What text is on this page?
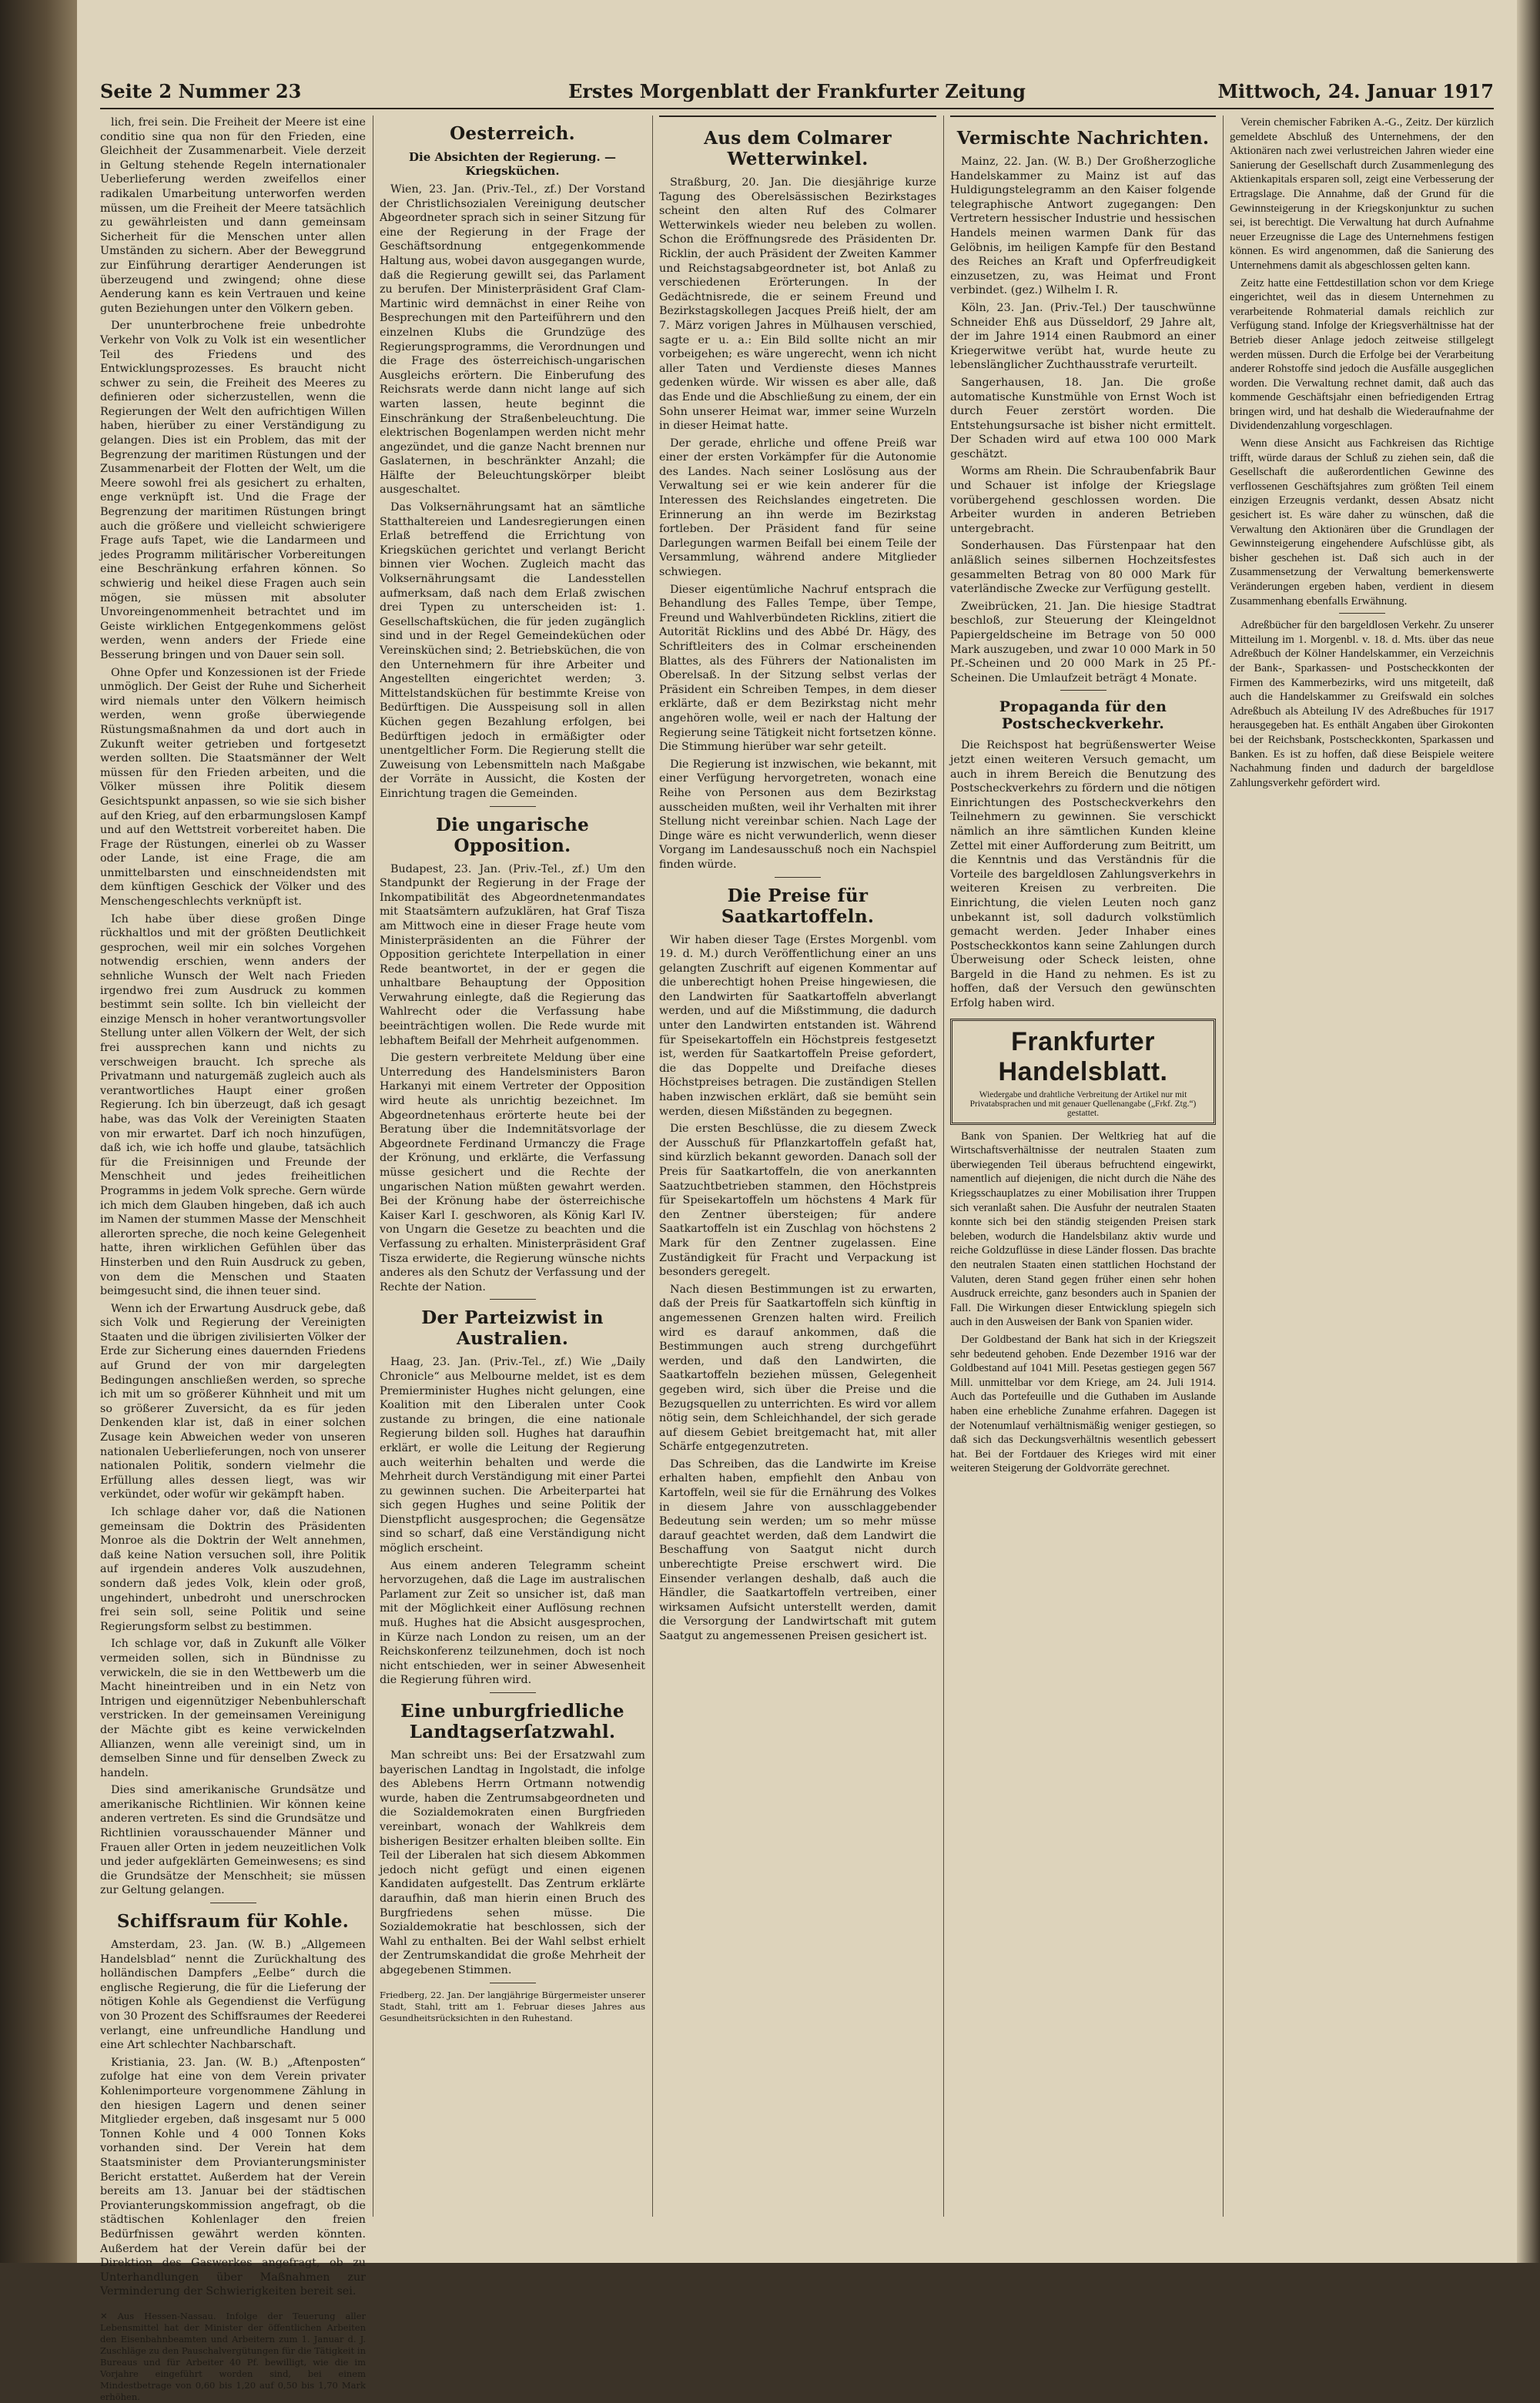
Seite 2 Nummer 23	Erstes Morgenblatt der Frankfurter Zeitung	Mittwoch, 24. Januar 1917

lich, frei sein. Die Freiheit der Meere ist eine conditio sine qua non für den Frieden, eine Gleichheit der Zusammenarbeit. Viele derzeit in Geltung stehende Regeln internationaler Ueberlieferung werden zweifellos einer radikalen Umarbeitung unterworfen werden müssen, um die Freiheit der Meere tatsächlich zu gewährleisten und dann gemeinsam Sicherheit für die Menschen unter allen Umständen zu sichern. Aber der Beweggrund zur Einführung derartiger Aenderungen ist überzeugend und zwingend; ohne diese Aenderung kann es kein Vertrauen und keine guten Beziehungen unter den Völkern geben.

Der ununterbrochene freie unbedrohte Verkehr von Volk zu Volk ist ein wesentlicher Teil des Friedens und des Entwicklungsprozesses. Es braucht nicht schwer zu sein, die Freiheit des Meeres zu definieren oder sicherzustellen, wenn die Regierungen der Welt den aufrichtigen Willen haben, hierüber zu einer Verständigung zu gelangen. Dies ist ein Problem, das mit der Begrenzung der maritimen Rüstungen und der Zusammenarbeit der Flotten der Welt, um die Meere sowohl frei als gesichert zu erhalten, enge verknüpft ist. Und die Frage der Begrenzung der maritimen Rüstungen bringt auch die größere und vielleicht schwierigere Frage aufs Tapet, wie die Landarmeen und jedes Programm militärischer Vorbereitungen eine Beschränkung erfahren können. So schwierig und heikel diese Fragen auch sein mögen, sie müssen mit absoluter Unvoreingenommenheit betrachtet und im Geiste wirklichen Entgegenkommens gelöst werden, wenn anders der Friede eine Besserung bringen und von Dauer sein soll.

Ohne Opfer und Konzessionen ist der Friede unmöglich. Der Geist der Ruhe und Sicherheit wird niemals unter den Völkern heimisch werden, wenn große überwiegende Rüstungsmaßnahmen da und dort auch in Zukunft weiter getrieben und fortgesetzt werden sollten. Die Staatsmänner der Welt müssen für den Frieden arbeiten, und die Völker müssen ihre Politik diesem Gesichtspunkt anpassen, so wie sie sich bisher auf den Krieg, auf den erbarmungslosen Kampf und auf den Wettstreit vorbereitet haben. Die Frage der Rüstungen, einerlei ob zu Wasser oder Lande, ist eine Frage, die am unmittelbarsten und einschneidendsten mit dem künftigen Geschick der Völker und des Menschengeschlechts verknüpft ist.

Ich habe über diese großen Dinge rückhaltlos und mit der größten Deutlichkeit gesprochen, weil mir ein solches Vorgehen notwendig erschien, wenn anders der sehnliche Wunsch der Welt nach Frieden irgendwo frei zum Ausdruck zu kommen bestimmt sein sollte. Ich bin vielleicht der einzige Mensch in hoher verantwortungsvoller Stellung unter allen Völkern der Welt, der sich frei aussprechen kann und nichts zu verschweigen braucht. Ich spreche als Privatmann und naturgemäß zugleich auch als verantwortliches Haupt einer großen Regierung. Ich bin überzeugt, daß ich gesagt habe, was das Volk der Vereinigten Staaten von mir erwartet. Darf ich noch hinzufügen, daß ich, wie ich hoffe und glaube, tatsächlich für die Freisinnigen und Freunde der Menschheit und jedes freiheitlichen Programms in jedem Volk spreche. Gern würde ich mich dem Glauben hingeben, daß ich auch im Namen der stummen Masse der Menschheit allerorten spreche, die noch keine Gelegenheit hatte, ihren wirklichen Gefühlen über das Hinsterben und den Ruin Ausdruck zu geben, von dem die Menschen und Staaten beimgesucht sind, die ihnen teuer sind.

Wenn ich der Erwartung Ausdruck gebe, daß sich Volk und Regierung der Vereinigten Staaten und die übrigen zivilisierten Völker der Erde zur Sicherung eines dauernden Friedens auf Grund der von mir dargelegten Bedingungen anschließen werden, so spreche ich mit um so größerer Kühnheit und mit um so größerer Zuversicht, da es für jeden Denkenden klar ist, daß in einer solchen Zusage kein Abweichen weder von unseren nationalen Ueberlieferungen, noch von unserer nationalen Politik, sondern vielmehr die Erfüllung alles dessen liegt, was wir verkündet, oder wofür wir gekämpft haben.

Ich schlage daher vor, daß die Nationen gemeinsam die Doktrin des Präsidenten Monroe als die Doktrin der Welt annehmen, daß keine Nation versuchen soll, ihre Politik auf irgendein anderes Volk auszudehnen, sondern daß jedes Volk, klein oder groß, ungehindert, unbedroht und unerschrocken frei sein soll, seine Politik und seine Regierungsform selbst zu bestimmen.

Ich schlage vor, daß in Zukunft alle Völker vermeiden sollen, sich in Bündnisse zu verwickeln, die sie in den Wettbewerb um die Macht hineintreiben und in ein Netz von Intrigen und eigennütziger Nebenbuhlerschaft verstricken. In der gemeinsamen Vereinigung der Mächte gibt es keine verwickelnden Allianzen, wenn alle vereinigt sind, um in demselben Sinne und für denselben Zweck zu handeln.

Dies sind amerikanische Grundsätze und amerikanische Richtlinien. Wir können keine anderen vertreten. Es sind die Grundsätze und Richtlinien vorausschauender Männer und Frauen aller Orten in jedem neuzeitlichen Volk und jeder aufgeklärten Gemeinwesens; es sind die Grundsätze der Menschheit; sie müssen zur Geltung gelangen.

Schiffsraum für Kohle.

Amsterdam, 23. Jan. (W. B.) „Allgemeen Handelsblad“ nennt die Zurückhaltung des holländischen Dampfers „Eelbe“ durch die englische Regierung, die für die Lieferung der nötigen Kohle als Gegendienst die Verfügung von 30 Prozent des Schiffsraumes der Reederei verlangt, eine unfreundliche Handlung und eine Art schlechter Nachbarschaft.

Kristiania, 23. Jan. (W. B.) „Aftenposten“ zufolge hat eine von dem Verein privater Kohlenimporteure vorgenommene Zählung in den hiesigen Lagern und denen seiner Mitglieder ergeben, daß insgesamt nur 5 000 Tonnen Kohle und 4 000 Tonnen Koks vorhanden sind. Der Verein hat dem Staatsminister dem Provianterungsminister Bericht erstattet. Außerdem hat der Verein bereits am 13. Januar bei der städtischen Provianterungskommission angefragt, ob die städtischen Kohlenlager den freien Bedürfnissen gewährt werden könnten. Außerdem hat der Verein dafür bei der Direktion des Gaswerkes angefragt, ob zu Unterhandlungen über Maßnahmen zur Verminderung der Schwierigkeiten bereit sei.

✕ Aus Hessen-Nassau. Infolge der Teuerung aller Lebensmittel hat der Minister der öffentlichen Arbeiten den Eisenbahnbeamten und Arbeitern zum 1. Januar d. J. Zuschläge zu den Pauschalvergütungen für die Tätigkeit in Bureaus und für Arbeiter 40 Pf. bewilligt, wie die im Vorjahre eingeführt worden sind, bei einem Mindestbetrage von 0,60 bis 1,20 auf 0,50 bis 1,70 Mark erhöhen.

Oesterreich.
Die Absichten der Regierung. — Kriegsküchen.

Wien, 23. Jan. (Priv.-Tel., zf.) Der Vorstand der Christlichsozialen Vereinigung deutscher Abgeordneter sprach sich in seiner Sitzung für eine der Regierung in der Frage der Geschäftsordnung entgegenkommende Haltung aus, wobei davon ausgegangen wurde, daß die Regierung gewillt sei, das Parlament zu berufen. Der Ministerpräsident Graf Clam-Martinic wird demnächst in einer Reihe von Besprechungen mit den Parteiführern und den einzelnen Klubs die Grundzüge des Regierungsprogramms, die Verordnungen und die Frage des österreichisch-ungarischen Ausgleichs erörtern. Die Einberufung des Reichsrats werde dann nicht lange auf sich warten lassen, heute beginnt die Einschränkung der Straßenbeleuchtung. Die elektrischen Bogenlampen werden nicht mehr angezündet, und die ganze Nacht brennen nur Gaslaternen, in beschränkter Anzahl; die Hälfte der Beleuchtungskörper bleibt ausgeschaltet.

Das Volksernährungsamt hat an sämtliche Statthaltereien und Landesregierungen einen Erlaß betreffend die Errichtung von Kriegsküchen gerichtet und verlangt Bericht binnen vier Wochen. Zugleich macht das Volksernährungsamt die Landesstellen aufmerksam, daß nach dem Erlaß zwischen drei Typen zu unterscheiden ist: 1. Gesellschaftsküchen, die für jeden zugänglich sind und in der Regel Gemeindeküchen oder Vereinsküchen sind; 2. Betriebsküchen, die von den Unternehmern für ihre Arbeiter und Angestellten eingerichtet werden; 3. Mittelstandsküchen für bestimmte Kreise von Bedürftigen. Die Ausspeisung soll in allen Küchen gegen Bezahlung erfolgen, bei Bedürftigen jedoch in ermäßigter oder unentgeltlicher Form. Die Regierung stellt die Zuweisung von Lebensmitteln nach Maßgabe der Vorräte in Aussicht, die Kosten der Einrichtung tragen die Gemeinden.

Die ungarische Opposition.

Budapest, 23. Jan. (Priv.-Tel., zf.) Um den Standpunkt der Regierung in der Frage der Inkompatibilität des Abgeordnetenmandates mit Staatsämtern aufzuklären, hat Graf Tisza am Mittwoch eine in dieser Frage heute vom Ministerpräsidenten an die Führer der Opposition gerichtete Interpellation in einer Rede beantwortet, in der er gegen die unhaltbare Behauptung der Opposition Verwahrung einlegte, daß die Regierung das Wahlrecht oder die Verfassung habe beeinträchtigen wollen. Die Rede wurde mit lebhaftem Beifall der Mehrheit aufgenommen.

Die gestern verbreitete Meldung über eine Unterredung des Handelsministers Baron Harkanyi mit einem Vertreter der Opposition wird heute als unrichtig bezeichnet. Im Abgeordnetenhaus erörterte heute bei der Beratung über die Indemnitätsvorlage der Abgeordnete Ferdinand Urmanczy die Frage der Krönung, und erklärte, die Verfassung müsse gesichert und die Rechte der ungarischen Nation müßten gewahrt werden. Bei der Krönung habe der österreichische Kaiser Karl I. geschworen, als König Karl IV. von Ungarn die Gesetze zu beachten und die Verfassung zu erhalten. Ministerpräsident Graf Tisza erwiderte, die Regierung wünsche nichts anderes als den Schutz der Verfassung und der Rechte der Nation.

Der Parteizwist in Australien.

Haag, 23. Jan. (Priv.-Tel., zf.) Wie „Daily Chronicle“ aus Melbourne meldet, ist es dem Premierminister Hughes nicht gelungen, eine Koalition mit den Liberalen unter Cook zustande zu bringen, die eine nationale Regierung bilden soll. Hughes hat daraufhin erklärt, er wolle die Leitung der Regierung auch weiterhin behalten und werde die Mehrheit durch Verständigung mit einer Partei zu gewinnen suchen. Die Arbeiterpartei hat sich gegen Hughes und seine Politik der Dienstpflicht ausgesprochen; die Gegensätze sind so scharf, daß eine Verständigung nicht möglich erscheint.

Aus einem anderen Telegramm scheint hervorzugehen, daß die Lage im australischen Parlament zur Zeit so unsicher ist, daß man mit der Möglichkeit einer Auflösung rechnen muß. Hughes hat die Absicht ausgesprochen, in Kürze nach London zu reisen, um an der Reichskonferenz teilzunehmen, doch ist noch nicht entschieden, wer in seiner Abwesenheit die Regierung führen wird.

Eine unburgfriedliche Landtagserſatzwahl.

Man schreibt uns: Bei der Ersatzwahl zum bayerischen Landtag in Ingolstadt, die infolge des Ablebens Herrn Ortmann notwendig wurde, haben die Zentrumsabgeordneten und die Sozialdemokraten einen Burgfrieden vereinbart, wonach der Wahlkreis dem bisherigen Besitzer erhalten bleiben sollte. Ein Teil der Liberalen hat sich diesem Abkommen jedoch nicht gefügt und einen eigenen Kandidaten aufgestellt. Das Zentrum erklärte daraufhin, daß man hierin einen Bruch des Burgfriedens sehen müsse. Die Sozialdemokratie hat beschlossen, sich der Wahl zu enthalten. Bei der Wahl selbst erhielt der Zentrumskandidat die große Mehrheit der abgegebenen Stimmen.

Friedberg, 22. Jan. Der langjährige Bürgermeister unserer Stadt, Stahl, tritt am 1. Februar dieses Jahres aus Gesundheitsrücksichten in den Ruhestand.

Aus dem Colmarer Wetterwinkel.

Straßburg, 20. Jan. Die diesjährige kurze Tagung des Oberelsässischen Bezirkstages scheint den alten Ruf des Colmarer Wetterwinkels wieder neu beleben zu wollen. Schon die Eröffnungsrede des Präsidenten Dr. Ricklin, der auch Präsident der Zweiten Kammer und Reichstagsabgeordneter ist, bot Anlaß zu verschiedenen Erörterungen. In der Gedächtnisrede, die er seinem Freund und Bezirkstagskollegen Jacques Preiß hielt, der am 7. März vorigen Jahres in Mülhausen verschied, sagte er u. a.: Ein Bild sollte nicht an mir vorbeigehen; es wäre ungerecht, wenn ich nicht aller Taten und Verdienste dieses Mannes gedenken würde. Wir wissen es aber alle, daß das Ende und die Abschließung zu einem, der ein Sohn unserer Heimat war, immer seine Wurzeln in dieser Heimat hatte.

Der gerade, ehrliche und offene Preiß war einer der ersten Vorkämpfer für die Autonomie des Landes. Nach seiner Loslösung aus der Verwaltung sei er wie kein anderer für die Interessen des Reichslandes eingetreten. Die Erinnerung an ihn werde im Bezirkstag fortleben. Der Präsident fand für seine Darlegungen warmen Beifall bei einem Teile der Versammlung, während andere Mitglieder schwiegen.

Dieser eigentümliche Nachruf entsprach die Behandlung des Falles Tempe, über Tempe, Freund und Wahlverbündeten Ricklins, zitiert die Autorität Ricklins und des Abbé Dr. Hägy, des Schriftleiters des in Colmar erscheinenden Blattes, als des Führers der Nationalisten im Oberelsaß. In der Sitzung selbst verlas der Präsident ein Schreiben Tempes, in dem dieser erklärte, daß er dem Bezirkstag nicht mehr angehören wolle, weil er nach der Haltung der Regierung seine Tätigkeit nicht fortsetzen könne. Die Stimmung hierüber war sehr geteilt.

Die Regierung ist inzwischen, wie bekannt, mit einer Verfügung hervorgetreten, wonach eine Reihe von Personen aus dem Bezirkstag ausscheiden mußten, weil ihr Verhalten mit ihrer Stellung nicht vereinbar schien. Nach Lage der Dinge wäre es nicht verwunderlich, wenn dieser Vorgang im Landesausschuß noch ein Nachspiel finden würde.

Die Preise für Saatkartoffeln.

Wir haben dieser Tage (Erstes Morgenbl. vom 19. d. M.) durch Veröffentlichung einer an uns gelangten Zuschrift auf eigenen Kommentar auf die unberechtigt hohen Preise hingewiesen, die den Landwirten für Saatkartoffeln abverlangt werden, und auf die Mißstimmung, die dadurch unter den Landwirten entstanden ist. Während für Speisekartoffeln ein Höchstpreis festgesetzt ist, werden für Saatkartoffeln Preise gefordert, die das Doppelte und Dreifache dieses Höchstpreises betragen. Die zuständigen Stellen haben inzwischen erklärt, daß sie bemüht sein werden, diesen Mißständen zu begegnen.

Die ersten Beschlüsse, die zu diesem Zweck der Ausschuß für Pflanzkartoffeln gefaßt hat, sind kürzlich bekannt geworden. Danach soll der Preis für Saatkartoffeln, die von anerkannten Saatzuchtbetrieben stammen, den Höchstpreis für Speisekartoffeln um höchstens 4 Mark für den Zentner übersteigen; für andere Saatkartoffeln ist ein Zuschlag von höchstens 2 Mark für den Zentner zugelassen. Eine Zuständigkeit für Fracht und Verpackung ist besonders geregelt.

Nach diesen Bestimmungen ist zu erwarten, daß der Preis für Saatkartoffeln sich künftig in angemessenen Grenzen halten wird. Freilich wird es darauf ankommen, daß die Bestimmungen auch streng durchgeführt werden, und daß den Landwirten, die Saatkartoffeln beziehen müssen, Gelegenheit gegeben wird, sich über die Preise und die Bezugsquellen zu unterrichten. Es wird vor allem nötig sein, dem Schleichhandel, der sich gerade auf diesem Gebiet breitgemacht hat, mit aller Schärfe entgegenzutreten.

Das Schreiben, das die Landwirte im Kreise erhalten haben, empfiehlt den Anbau von Kartoffeln, weil sie für die Ernährung des Volkes in diesem Jahre von ausschlaggebender Bedeutung sein werden; um so mehr müsse darauf geachtet werden, daß dem Landwirt die Beschaffung von Saatgut nicht durch unberechtigte Preise erschwert wird. Die Einsender verlangen deshalb, daß auch die Händler, die Saatkartoffeln vertreiben, einer wirksamen Aufsicht unterstellt werden, damit die Versorgung der Landwirtschaft mit gutem Saatgut zu angemessenen Preisen gesichert ist.

Vermischte Nachrichten.

Mainz, 22. Jan. (W. B.) Der Großherzogliche Handelskammer zu Mainz ist auf das Huldigungstelegramm an den Kaiser folgende telegraphische Antwort zugegangen: Den Vertretern hessischer Industrie und hessischen Handels meinen warmen Dank für das Gelöbnis, im heiligen Kampfe für den Bestand des Reiches an Kraft und Opferfreudigkeit einzusetzen, zu, was Heimat und Front verbindet. (gez.) Wilhelm I. R.

Köln, 23. Jan. (Priv.-Tel.) Der tauschwünne Schneider Ehß aus Düsseldorf, 29 Jahre alt, der im Jahre 1914 einen Raubmord an einer Kriegerwitwe verübt hat, wurde heute zu lebenslänglicher Zuchthausstrafe verurteilt.

Sangerhausen, 18. Jan. Die große automatische Kunstmühle von Ernst Woch ist durch Feuer zerstört worden. Die Entstehungsursache ist bisher nicht ermittelt. Der Schaden wird auf etwa 100 000 Mark geschätzt.

Worms am Rhein. Die Schraubenfabrik Baur und Schauer ist infolge der Kriegslage vorübergehend geschlossen worden. Die Arbeiter wurden in anderen Betrieben untergebracht.

Sonderhausen. Das Fürstenpaar hat den anläßlich seines silbernen Hochzeitsfestes gesammelten Betrag von 80 000 Mark für vaterländische Zwecke zur Verfügung gestellt.

Zweibrücken, 21. Jan. Die hiesige Stadtrat beschloß, zur Steuerung der Kleingeldnot Papiergeldscheine im Betrage von 50 000 Mark auszugeben, und zwar 10 000 Mark in 50 Pf.-Scheinen und 20 000 Mark in 25 Pf.-Scheinen. Die Umlaufzeit beträgt 4 Monate.

Propaganda für den Postscheckverkehr.

Die Reichspost hat begrüßenswerter Weise jetzt einen weiteren Versuch gemacht, um auch in ihrem Bereich die Benutzung des Postscheckverkehrs zu fördern und die nötigen Einrichtungen des Postscheckverkehrs den Teilnehmern zu gewinnen. Sie verschickt nämlich an ihre sämtlichen Kunden kleine Zettel mit einer Aufforderung zum Beitritt, um die Kenntnis und das Verständnis für die Vorteile des bargeldlosen Zahlungsverkehrs in weiteren Kreisen zu verbreiten. Die Einrichtung, die vielen Leuten noch ganz unbekannt ist, soll dadurch volkstümlich gemacht werden. Jeder Inhaber eines Postscheckkontos kann seine Zahlungen durch Überweisung oder Scheck leisten, ohne Bargeld in die Hand zu nehmen. Es ist zu hoffen, daß der Versuch den gewünschten Erfolg haben wird.

Frankfurter Handelsblatt.
Wiedergabe und drahtliche Verbreitung der Artikel nur mit Privatabsprachen und mit genauer Quellenangabe („Frkf. Ztg.“) gestattet.

Bank von Spanien. Der Weltkrieg hat auf die Wirtschaftsverhältnisse der neutralen Staaten zum überwiegenden Teil überaus befruchtend eingewirkt, namentlich auf diejenigen, die nicht durch die Nähe des Kriegsschauplatzes zu einer Mobilisation ihrer Truppen sich veranlaßt sahen. Die Ausfuhr der neutralen Staaten konnte sich bei den ständig steigenden Preisen stark beleben, wodurch die Handelsbilanz aktiv wurde und reiche Goldzuflüsse in diese Länder flossen. Das brachte den neutralen Staaten einen stattlichen Hochstand der Valuten, deren Stand gegen früher einen sehr hohen Ausdruck erreichte, ganz besonders auch in Spanien der Fall. Die Wirkungen dieser Entwicklung spiegeln sich auch in den Ausweisen der Bank von Spanien wider.

Der Goldbestand der Bank hat sich in der Kriegszeit sehr bedeutend gehoben. Ende Dezember 1916 war der Goldbestand auf 1041 Mill. Pesetas gestiegen gegen 567 Mill. unmittelbar vor dem Kriege, am 24. Juli 1914. Auch das Portefeuille und die Guthaben im Auslande haben eine erhebliche Zunahme erfahren. Dagegen ist der Notenumlauf verhältnismäßig weniger gestiegen, so daß sich das Deckungsverhältnis wesentlich gebessert hat. Bei der Fortdauer des Krieges wird mit einer weiteren Steigerung der Goldvorräte gerechnet.

Verein chemischer Fabriken A.-G., Zeitz. Der kürzlich gemeldete Abschluß des Unternehmens, der den Aktionären nach zwei verlustreichen Jahren wieder eine Sanierung der Gesellschaft durch Zusammenlegung des Aktienkapitals ersparen soll, zeigt eine Verbesserung der Ertragslage. Die Annahme, daß der Grund für die Gewinnsteigerung in der Kriegskonjunktur zu suchen sei, ist berechtigt. Die Verwaltung hat durch Aufnahme neuer Erzeugnisse die Lage des Unternehmens festigen können. Es wird angenommen, daß die Sanierung des Unternehmens damit als abgeschlossen gelten kann.

Zeitz hatte eine Fettdestillation schon vor dem Kriege eingerichtet, weil das in diesem Unternehmen zu verarbeitende Rohmaterial damals reichlich zur Verfügung stand. Infolge der Kriegsverhältnisse hat der Betrieb dieser Anlage jedoch zeitweise stillgelegt werden müssen. Durch die Erfolge bei der Verarbeitung anderer Rohstoffe sind jedoch die Ausfälle ausgeglichen worden. Die Verwaltung rechnet damit, daß auch das kommende Geschäftsjahr einen befriedigenden Ertrag bringen wird, und hat deshalb die Wiederaufnahme der Dividendenzahlung vorgeschlagen.

Wenn diese Ansicht aus Fachkreisen das Richtige trifft, würde daraus der Schluß zu ziehen sein, daß die Gesellschaft die außerordentlichen Gewinne des verflossenen Geschäftsjahres zum größten Teil einem einzigen Erzeugnis verdankt, dessen Absatz nicht gesichert ist. Es wäre daher zu wünschen, daß die Verwaltung den Aktionären über die Grundlagen der Gewinnsteigerung eingehendere Aufschlüsse gibt, als bisher geschehen ist. Daß sich auch in der Zusammensetzung der Verwaltung bemerkenswerte Veränderungen ergeben haben, verdient in diesem Zusammenhang ebenfalls Erwähnung.

Adreßbücher für den bargeldlosen Verkehr. Zu unserer Mitteilung im 1. Morgenbl. v. 18. d. Mts. über das neue Adreßbuch der Kölner Handelskammer, ein Verzeichnis der Bank-, Sparkassen- und Postscheckkonten der Firmen des Kammerbezirks, wird uns mitgeteilt, daß auch die Handelskammer zu Greifswald ein solches Adreßbuch als Abteilung IV des Adreßbuches für 1917 herausgegeben hat. Es enthält Angaben über Girokonten bei der Reichsbank, Postscheckkonten, Sparkassen und Banken. Es ist zu hoffen, daß diese Beispiele weitere Nachahmung finden und dadurch der bargeldlose Zahlungsverkehr gefördert wird.
